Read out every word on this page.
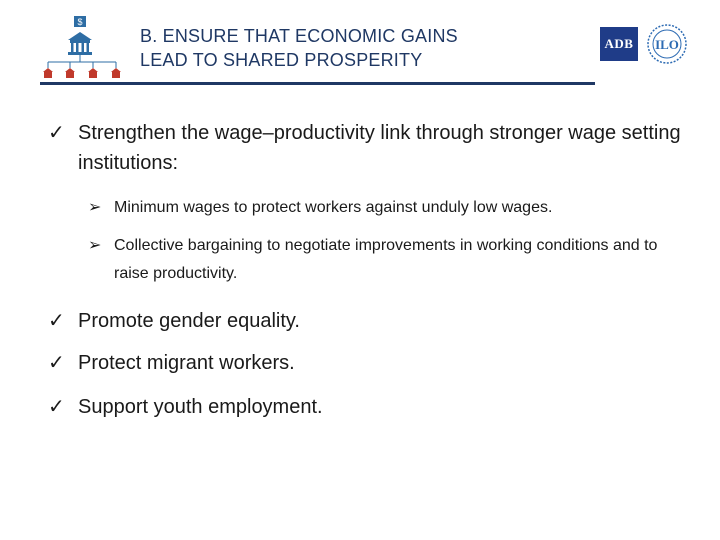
$
B. ENSURE THAT ECONOMIC GAINS
LEAD TO SHARED PROSPERITY
ADB ILO
✓ Strengthen the wage–productivity link through stronger wage setting institutions:
➢ Minimum wages to protect workers against unduly low wages.
➢ Collective bargaining to negotiate improvements in working conditions and to raise productivity.
✓ Promote gender equality.
✓ Protect migrant workers.
✓ Support youth employment.
